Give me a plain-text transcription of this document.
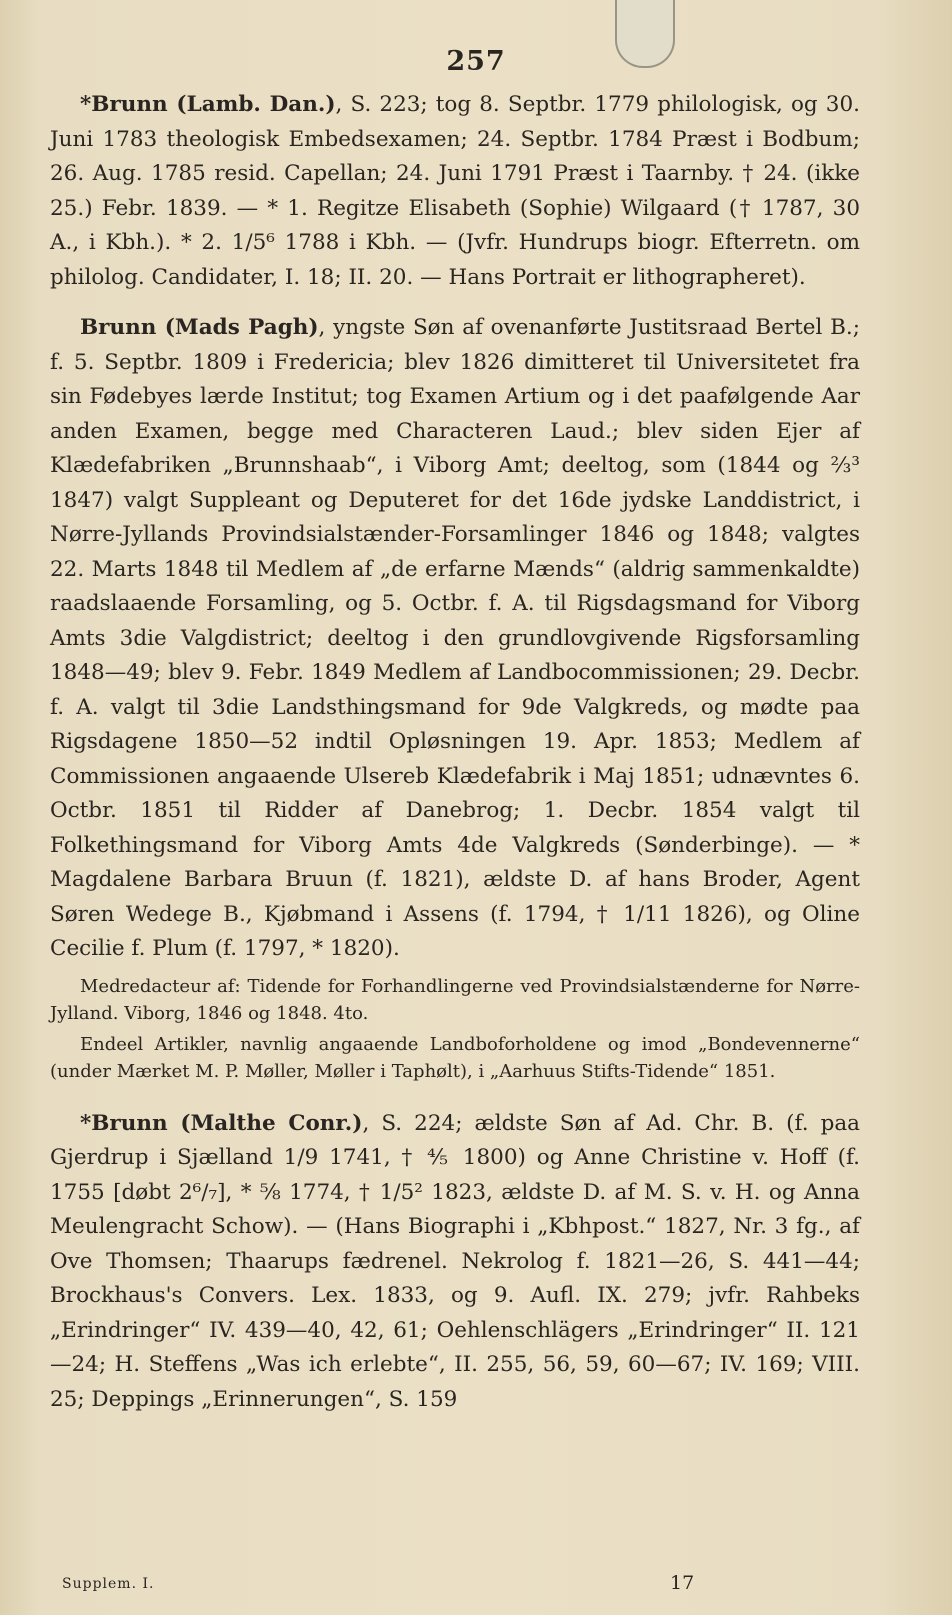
257

*Brunn (Lamb. Dan.), S. 223; tog 8. Septbr. 1779 philologisk, og 30. Juni 1783 theologisk Embedsexamen; 24. Septbr. 1784 Præst i Bodbum; 26. Aug. 1785 resid. Capellan; 24. Juni 1791 Præst i Taarnby. † 24. (ikke 25.) Febr. 1839. — * 1. Regitze Elisabeth (Sophie) Wilgaard († 1787, 30 A., i Kbh.). * 2. 1/5⁶ 1788 i Kbh. — (Jvfr. Hundrups biogr. Efterretn. om philolog. Candidater, I. 18; II. 20. — Hans Portrait er lithographeret).

Brunn (Mads Pagh), yngste Søn af ovenanførte Justitsraad Bertel B.; f. 5. Septbr. 1809 i Fredericia; blev 1826 dimitteret til Universitetet fra sin Fødebyes lærde Institut; tog Examen Artium og i det paafølgende Aar anden Examen, begge med Characteren Laud.; blev siden Ejer af Klædefabriken „Brunnshaab“, i Viborg Amt; deeltog, som (1844 og ⅔³ 1847) valgt Suppleant og Deputeret for det 16de jydske Landdistrict, i Nørre-Jyllands Provindsialstænder-Forsamlinger 1846 og 1848; valgtes 22. Marts 1848 til Medlem af „de erfarne Mænds“ (aldrig sammenkaldte) raadslaaende Forsamling, og 5. Octbr. f. A. til Rigsdagsmand for Viborg Amts 3die Valgdistrict; deeltog i den grundlovgivende Rigsforsamling 1848—49; blev 9. Febr. 1849 Medlem af Landbocommissionen; 29. Decbr. f. A. valgt til 3die Landsthingsmand for 9de Valgkreds, og mødte paa Rigsdagene 1850—52 indtil Opløsningen 19. Apr. 1853; Medlem af Commissionen angaaende Ulsereb Klædefabrik i Maj 1851; udnævntes 6. Octbr. 1851 til Ridder af Danebrog; 1. Decbr. 1854 valgt til Folkethingsmand for Viborg Amts 4de Valgkreds (Sønderbinge). — * Magdalene Barbara Bruun (f. 1821), ældste D. af hans Broder, Agent Søren Wedege B., Kjøbmand i Assens (f. 1794, † 1/11 1826), og Oline Cecilie f. Plum (f. 1797, * 1820).

Medredacteur af: Tidende for Forhandlingerne ved Provindsialstænderne for Nørre-Jylland. Viborg, 1846 og 1848. 4to.

Endeel Artikler, navnlig angaaende Landboforholdene og imod „Bondevennerne“ (under Mærket M. P. Møller, Møller i Taphølt), i „Aarhuus Stifts-Tidende“ 1851.

*Brunn (Malthe Conr.), S. 224; ældste Søn af Ad. Chr. B. (f. paa Gjerdrup i Sjælland 1/9 1741, † ⅘ 1800) og Anne Christine v. Hoff (f. 1755 [døbt 2⁶/₇], * ⅝ 1774, † 1/5² 1823, ældste D. af M. S. v. H. og Anna Meulengracht Schow). — (Hans Biographi i „Kbhpost.“ 1827, Nr. 3 fg., af Ove Thomsen; Thaarups fædrenel. Nekrolog f. 1821—26, S. 441—44; Brockhaus's Convers. Lex. 1833, og 9. Aufl. IX. 279; jvfr. Rahbeks „Erindringer“ IV. 439—40, 42, 61; Oehlenschlägers „Erindringer“ II. 121—24; H. Steffens „Was ich erlebte“, II. 255, 56, 59, 60—67; IV. 169; VIII. 25; Deppings „Erinnerungen“, S. 159

Supplem. I.	17
